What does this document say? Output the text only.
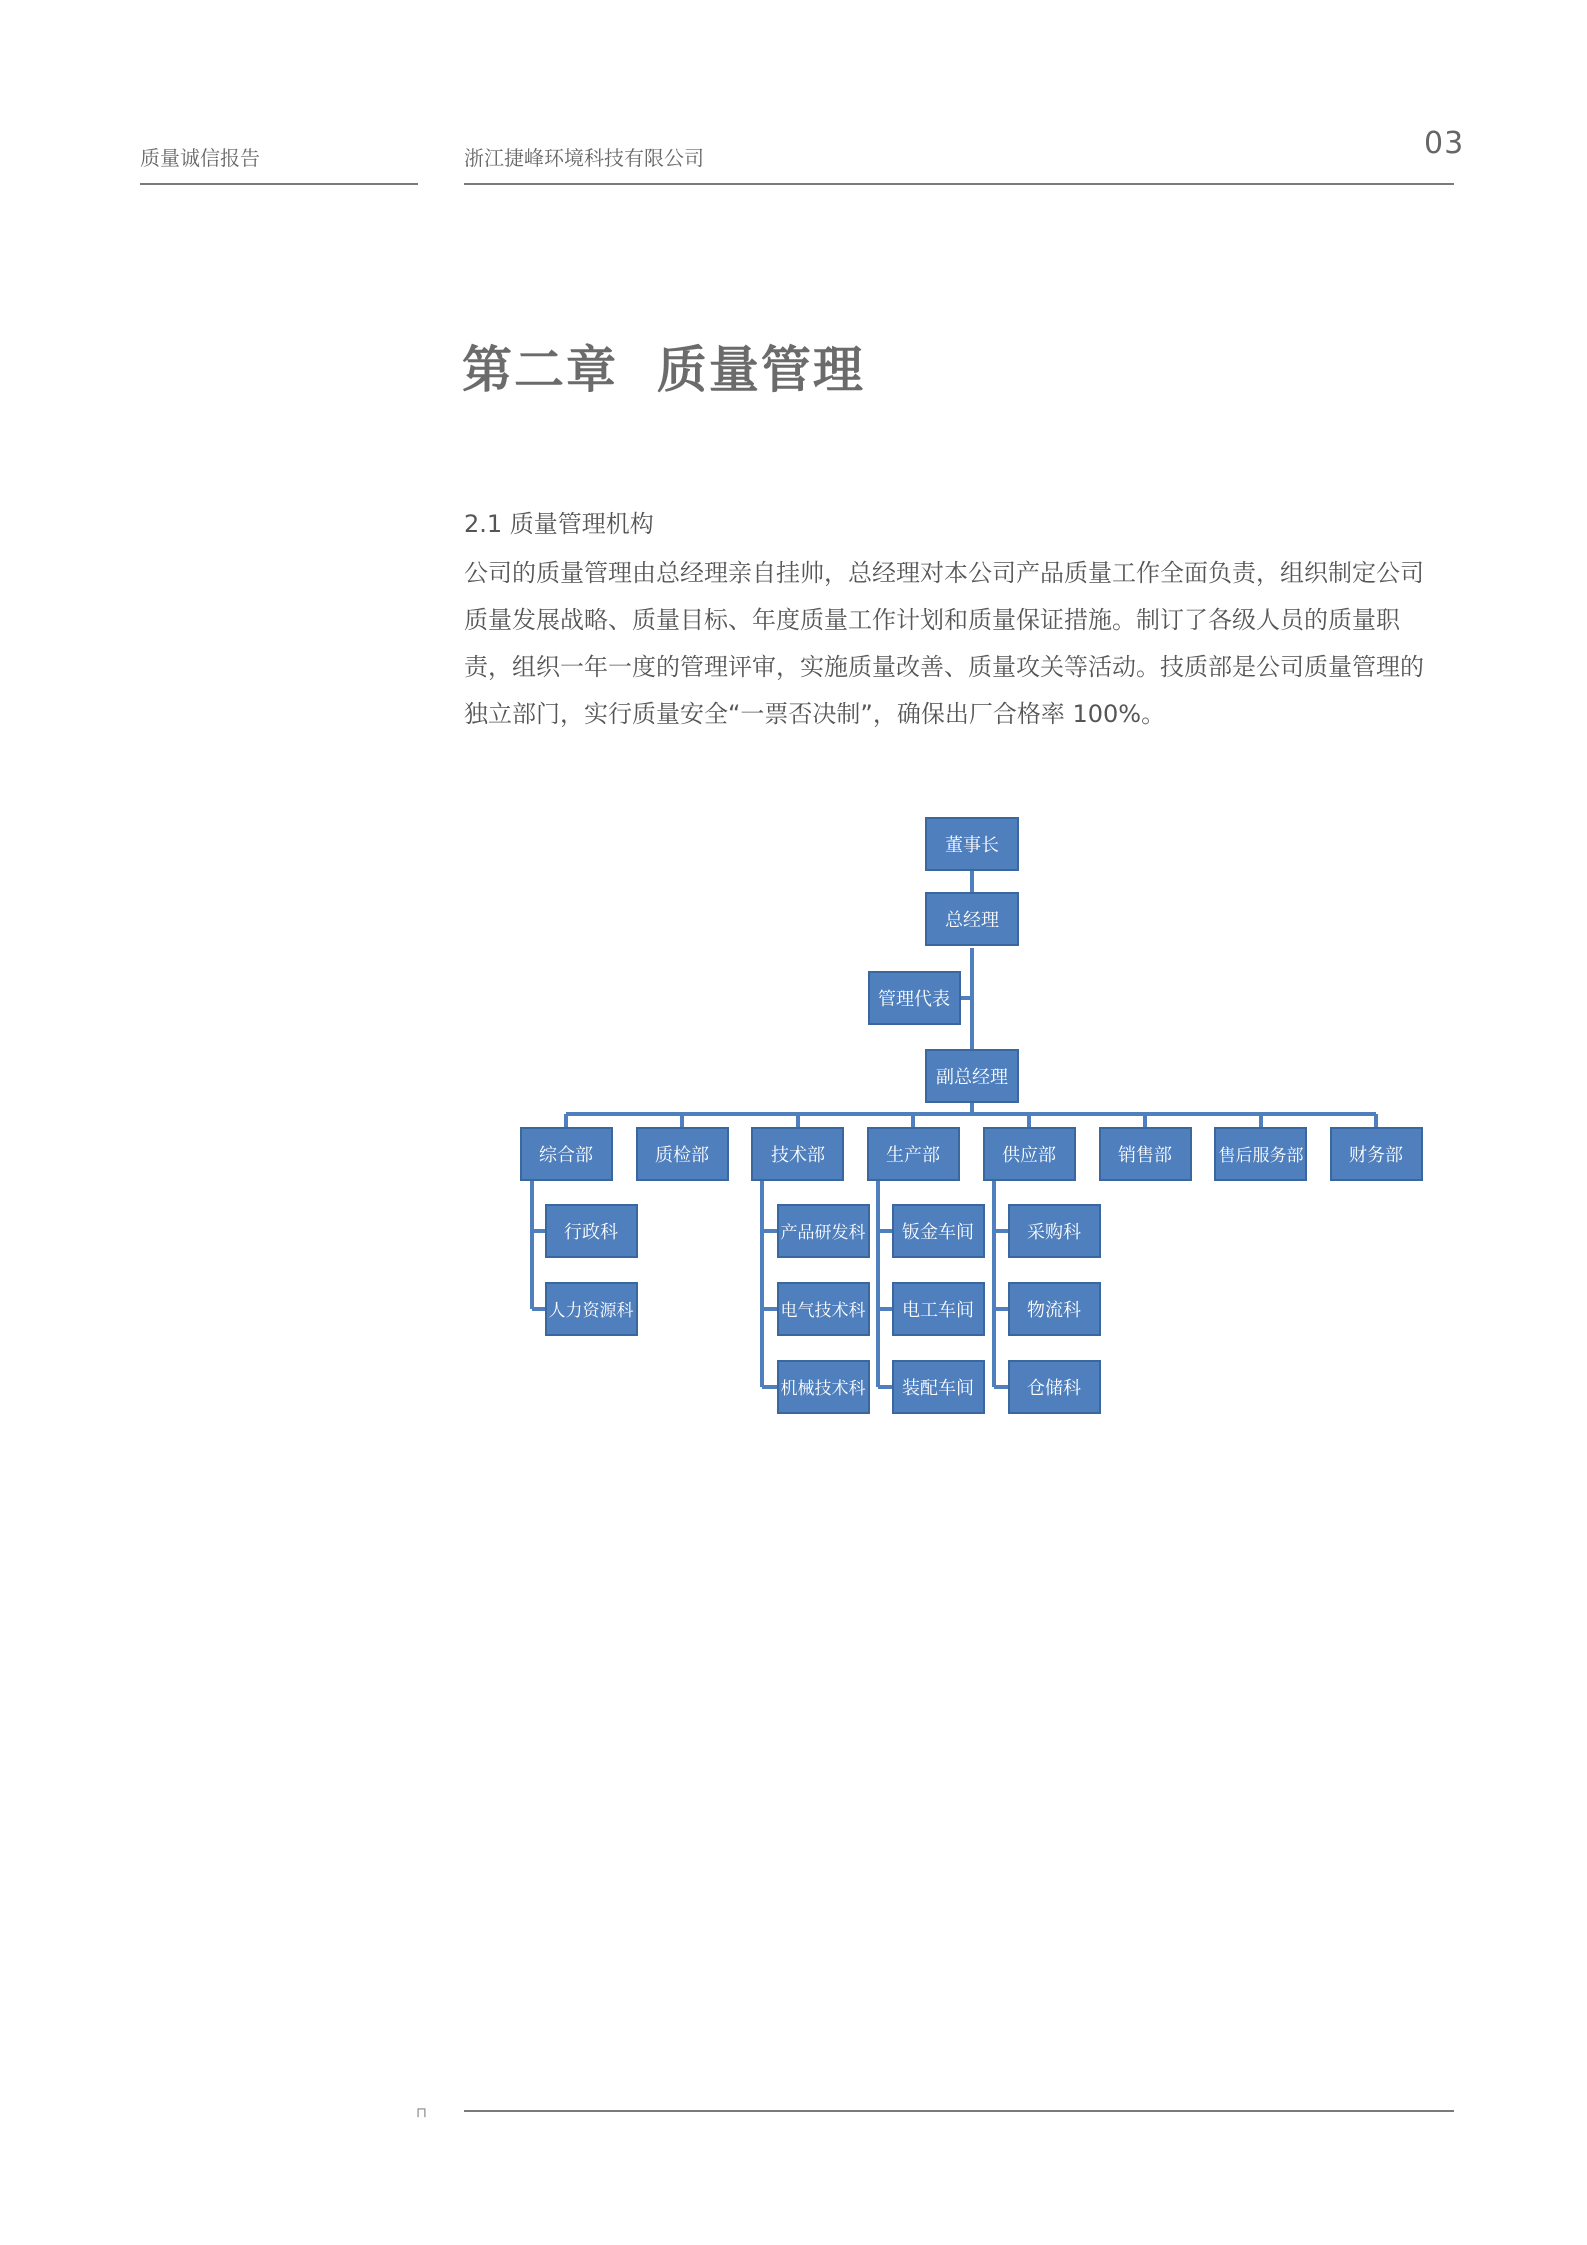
质量诚信报告	浙江捷峰环境科技有限公司	03
第二章  质量管理
2.1 质量管理机构
公司的质量管理由总经理亲自挂帅，总经理对本公司产品质量工作全面负责，组织制定公司
质量发展战略、质量目标、年度质量工作计划和质量保证措施。制订了各级人员的质量职
责，组织一年一度的管理评审，实施质量改善、质量攻关等活动。技质部是公司质量管理的
独立部门，实行质量安全“一票否决制”，确保出厂合格率 100%。
董事长
总经理
管理代表
副总经理
综合部	质检部	技术部	生产部	供应部	销售部	售后服务部	财务部
行政科
人力资源科
产品研发科
电气技术科
机械技术科
钣金车间
电工车间
装配车间
采购科
物流科
仓储科
⊓
